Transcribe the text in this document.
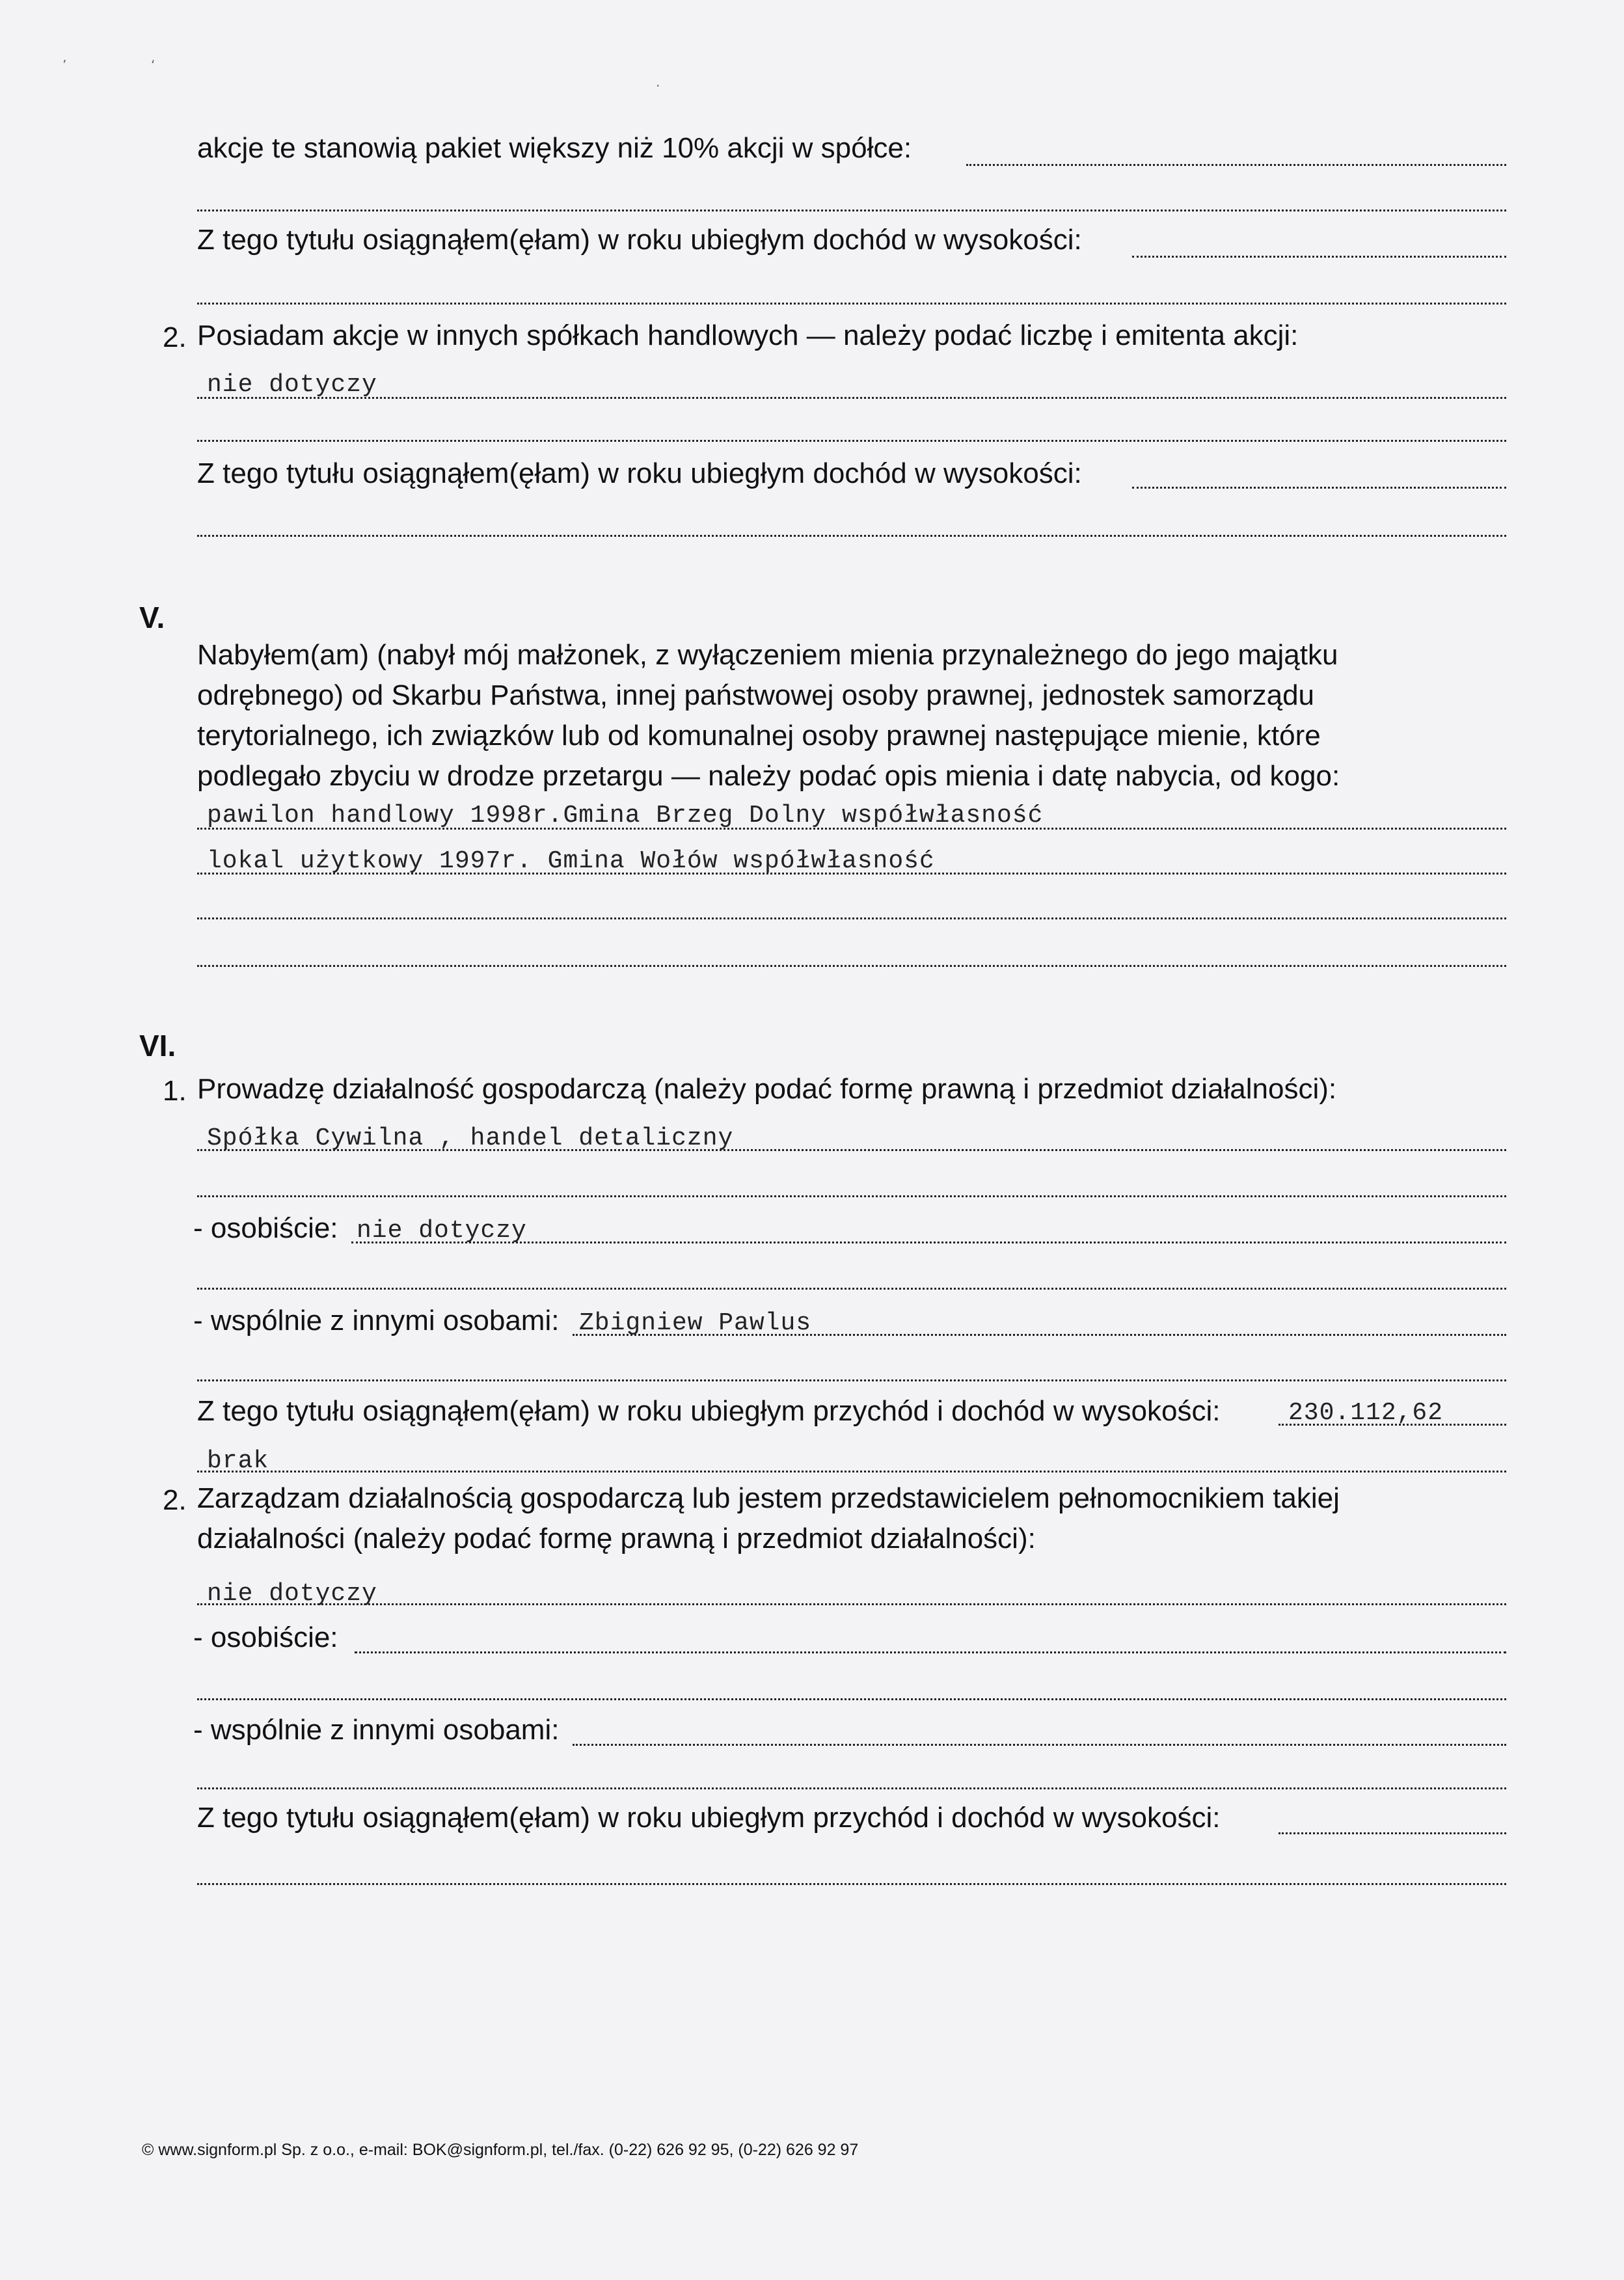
’	‘
·
akcje te stanowią pakiet większy niż 10% akcji w spółce:
Z tego tytułu osiągnąłem(ęłam) w roku ubiegłym dochód w wysokości:
2. Posiadam akcje w innych spółkach handlowych — należy podać liczbę i emitenta akcji:
nie dotyczy
Z tego tytułu osiągnąłem(ęłam) w roku ubiegłym dochód w wysokości:
V.
Nabyłem(am) (nabył mój małżonek, z wyłączeniem mienia przynależnego do jego majątku
odrębnego) od Skarbu Państwa, innej państwowej osoby prawnej, jednostek samorządu
terytorialnego, ich związków lub od komunalnej osoby prawnej następujące mienie, które
podlegało zbyciu w drodze przetargu — należy podać opis mienia i datę nabycia, od kogo:
pawilon handlowy 1998r.Gmina Brzeg Dolny współwłasność
lokal użytkowy 1997r. Gmina Wołów współwłasność
VI.
1. Prowadzę działalność gospodarczą (należy podać formę prawną i przedmiot działalności):
Spółka Cywilna , handel detaliczny
- osobiście: nie dotyczy
- wspólnie z innymi osobami: Zbigniew Pawlus
Z tego tytułu osiągnąłem(ęłam) w roku ubiegłym przychód i dochód w wysokości:	230.112,62
brak
2. Zarządzam działalnością gospodarczą lub jestem przedstawicielem pełnomocnikiem takiej
działalności (należy podać formę prawną i przedmiot działalności):
nie dotyczy
- osobiście:
- wspólnie z innymi osobami:
Z tego tytułu osiągnąłem(ęłam) w roku ubiegłym przychód i dochód w wysokości:
© www.signform.pl Sp. z o.o., e-mail: BOK@signform.pl, tel./fax. (0-22) 626 92 95, (0-22) 626 92 97
